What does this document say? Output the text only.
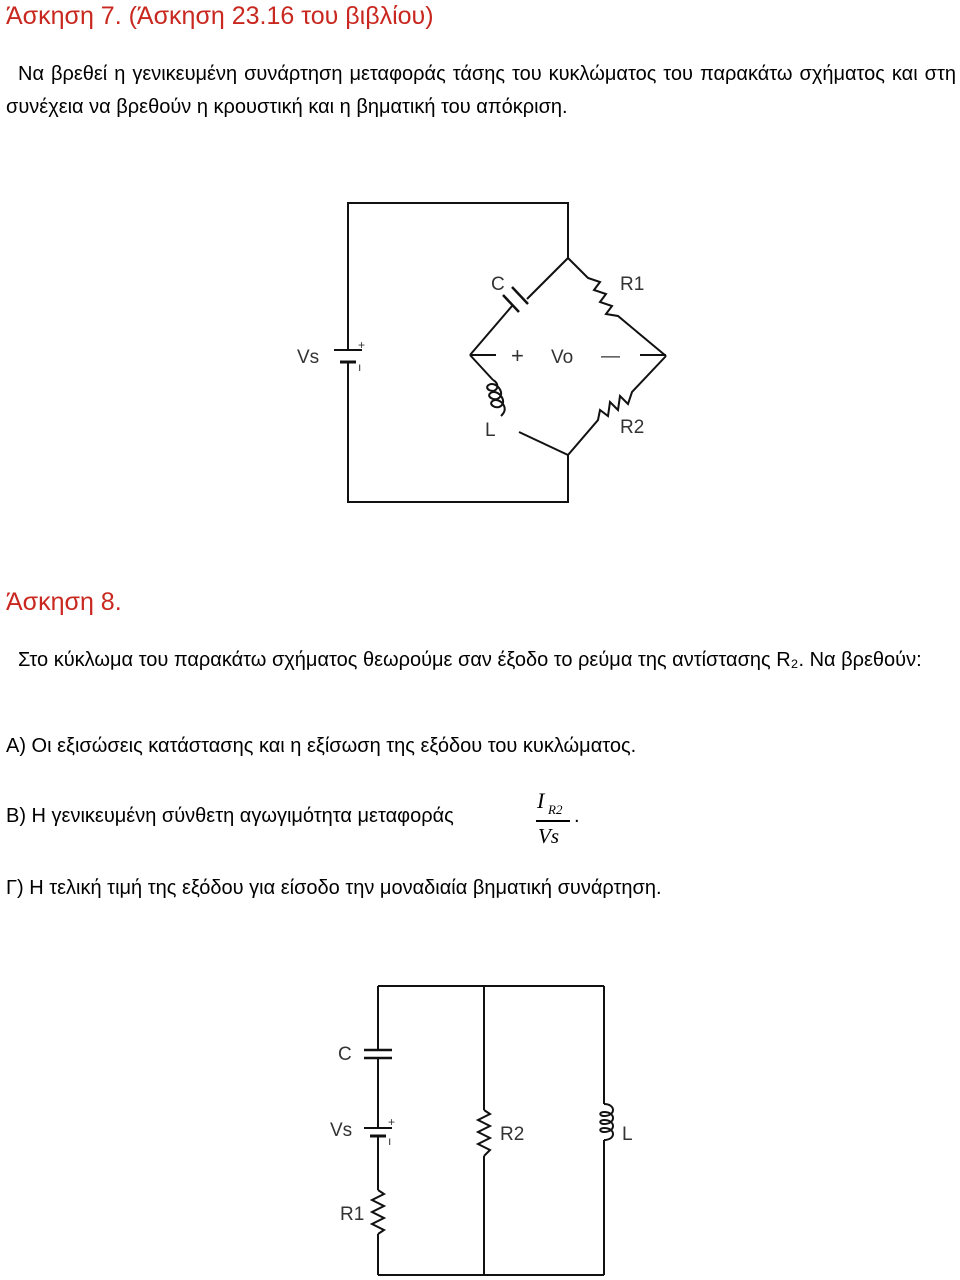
Άσκηση 7. (Άσκηση 23.16 του βιβλίου)
Να βρεθεί η γενικευμένη συνάρτηση μεταφοράς τάσης του κυκλώματος του παρακάτω σχήματος και στη συνέχεια να βρεθούν η κρουστική και η βηματική του απόκριση.
+
ı
Vs
C	R1
L	R2
+ Vo —
Άσκηση 8.
Στο κύκλωμα του παρακάτω σχήματος θεωρούμε σαν έξοδο το ρεύμα της αντίστασης R₂. Να βρεθούν:
Α) Οι εξισώσεις κατάστασης και η εξίσωση της εξόδου του κυκλώματος.
Β) Η γενικευμένη σύνθετη αγωγιμότητα μεταφοράς
I R2
Vs
.
Γ) Η τελική τιμή της εξόδου για είσοδο την μοναδιαία βηματική συνάρτηση.
C
Vs	+
ı	R2	L
R1
